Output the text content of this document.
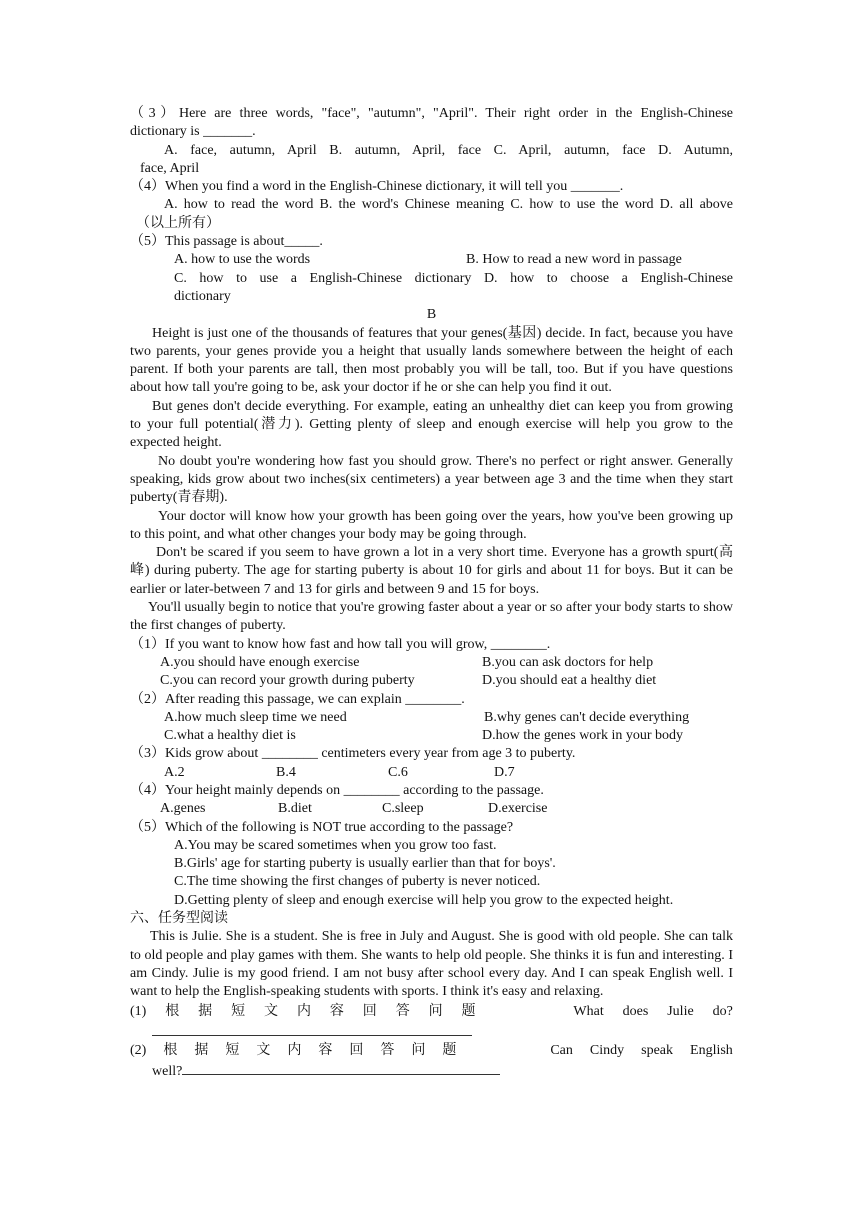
（3）Here are three words, "face", "autumn", "April". Their right order in the English-Chinese
dictionary is _______.
A. face, autumn, April B. autumn, April, face C. April, autumn, face D. Autumn,
face, April
（4）When you find a word in the English-Chinese dictionary, it will tell you _______.
A. how to read the word B. the word's Chinese meaning C. how to use the word D. all above
（以上所有）
（5）This passage is about_____.
A. how to use the words	B. How to read a new word in passage
C. how to use a English-Chinese dictionary D. how to choose a English-Chinese
dictionary
B
Height is just one of the thousands of features that your genes(基因) decide. In fact, because you have two parents, your genes provide you a height that usually lands somewhere between the height of each parent. If both your parents are tall, then most probably you will be tall, too. But if you have questions about how tall you're going to be, ask your doctor if he or she can help you find it out.
But genes don't decide everything. For example, eating an unhealthy diet can keep you from growing to your full potential(潜力). Getting plenty of sleep and enough exercise will help you grow to the expected height.
No doubt you're wondering how fast you should grow. There's no perfect or right answer. Generally speaking, kids grow about two inches(six centimeters) a year between age 3 and the time when they start puberty(青春期).
Your doctor will know how your growth has been going over the years, how you've been growing up to this point, and what other changes your body may be going through.
Don't be scared if you seem to have grown a lot in a very short time. Everyone has a growth spurt(高峰) during puberty. The age for starting puberty is about 10 for girls and about 11 for boys. But it can be earlier or later-between 7 and 13 for girls and between 9 and 15 for boys.
You'll usually begin to notice that you're growing faster about a year or so after your body starts to show the first changes of puberty.
（1）If you want to know how fast and how tall you will grow, ________.
A.you should have enough exercise	B.you can ask doctors for help
C.you can record your growth during puberty	D.you should eat a healthy diet
（2）After reading this passage, we can explain ________.
A.how much sleep time we need	B.why genes can't decide everything
C.what a healthy diet is	D.how the genes work in your body
（3）Kids grow about ________ centimeters every year from age 3 to puberty.
A.2	B.4	C.6	D.7
（4）Your height mainly depends on ________ according to the passage.
A.genes	B.diet	C.sleep	D.exercise
（5）Which of the following is NOT true according to the passage?
A.You may be scared sometimes when you grow too fast.
B.Girls' age for starting puberty is usually earlier than that for boys'.
C.The time showing the first changes of puberty is never noticed.
D.Getting plenty of sleep and enough exercise will help you grow to the expected height.
六、任务型阅读
This is Julie. She is a student. She is free in July and August. She is good with old people. She can talk to old people and play games with them. She wants to help old people. She thinks it is fun and interesting. I am Cindy. Julie is my good friend. I am not busy after school every day. And I can speak English well. I want to help the English-speaking students with sports. I think it's easy and relaxing.
(1) 根 据 短 文 内 容 回 答 问 题	What does Julie do?
(2) 根 据 短 文 内 容 回 答 问 题	Can Cindy speak English
well?
